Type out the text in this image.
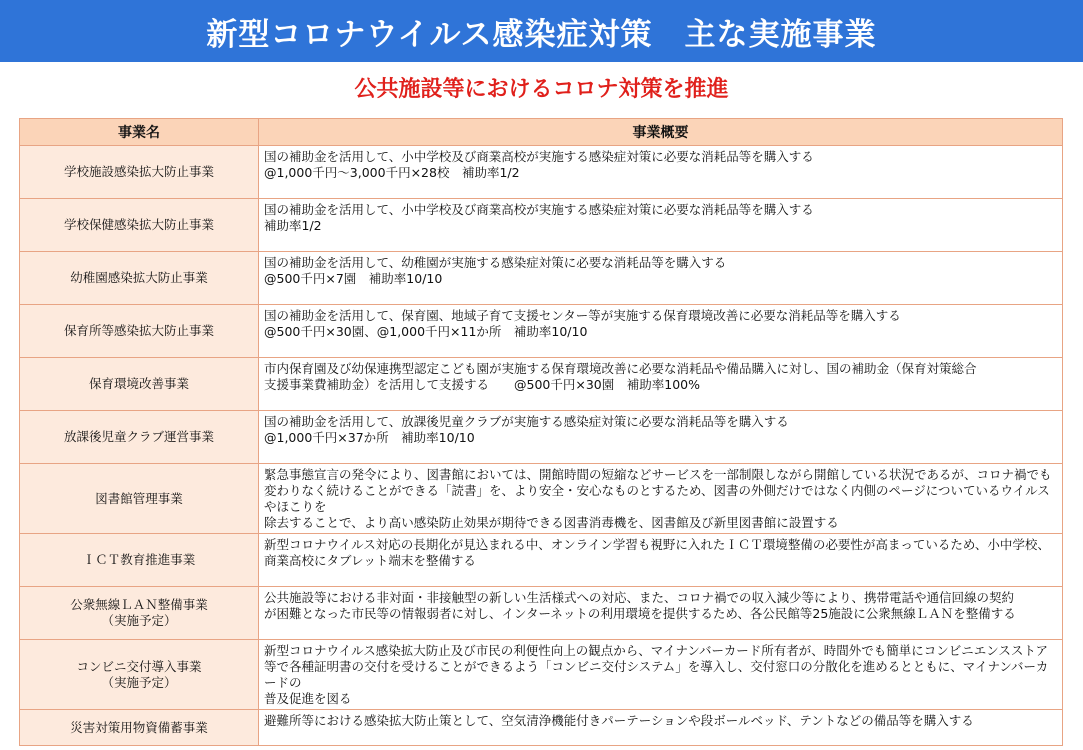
新型コロナウイルス感染症対策　主な実施事業
公共施設等におけるコロナ対策を推進
事業名	事業概要
学校施設感染拡大防止事業	国の補助金を活用して、小中学校及び商業高校が実施する感染症対策に必要な消耗品等を購入する
@1,000千円～3,000千円×28校　補助率1/2
学校保健感染拡大防止事業	国の補助金を活用して、小中学校及び商業高校が実施する感染症対策に必要な消耗品等を購入する
補助率1/2
幼稚園感染拡大防止事業	国の補助金を活用して、幼稚園が実施する感染症対策に必要な消耗品等を購入する
@500千円×7園　補助率10/10
保育所等感染拡大防止事業	国の補助金を活用して、保育園、地域子育て支援センター等が実施する保育環境改善に必要な消耗品等を購入する
@500千円×30園、@1,000千円×11か所　補助率10/10
保育環境改善事業	市内保育園及び幼保連携型認定こども園が実施する保育環境改善に必要な消耗品や備品購入に対し、国の補助金（保育対策総合
支援事業費補助金）を活用して支援する　　@500千円×30園　補助率100%
放課後児童クラブ運営事業	国の補助金を活用して、放課後児童クラブが実施する感染症対策に必要な消耗品等を購入する
@1,000千円×37か所　補助率10/10
図書館管理事業	緊急事態宣言の発令により、図書館においては、開館時間の短縮などサービスを一部制限しながら開館している状況であるが、コロナ禍でも
変わりなく続けることができる「読書」を、より安全・安心なものとするため、図書の外側だけではなく内側のページについているウイルスやほこりを
除去することで、より高い感染防止効果が期待できる図書消毒機を、図書館及び新里図書館に設置する
ＩＣＴ教育推進事業	新型コロナウイルス対応の長期化が見込まれる中、オンライン学習も視野に入れたＩＣＴ環境整備の必要性が高まっているため、小中学校、
商業高校にタブレット端末を整備する
公衆無線ＬＡＮ整備事業
（実施予定）	公共施設等における非対面・非接触型の新しい生活様式への対応、また、コロナ禍での収入減少等により、携帯電話や通信回線の契約
が困難となった市民等の情報弱者に対し、インターネットの利用環境を提供するため、各公民館等25施設に公衆無線ＬＡＮを整備する
コンビニ交付導入事業
（実施予定）	新型コロナウイルス感染拡大防止及び市民の利便性向上の観点から、マイナンバーカード所有者が、時間外でも簡単にコンビニエンスストア
等で各種証明書の交付を受けることができるよう「コンビニ交付システム」を導入し、交付窓口の分散化を進めるとともに、マイナンバーカードの
普及促進を図る
災害対策用物資備蓄事業	避難所等における感染拡大防止策として、空気清浄機能付きパーテーションや段ボールベッド、テントなどの備品等を購入する
